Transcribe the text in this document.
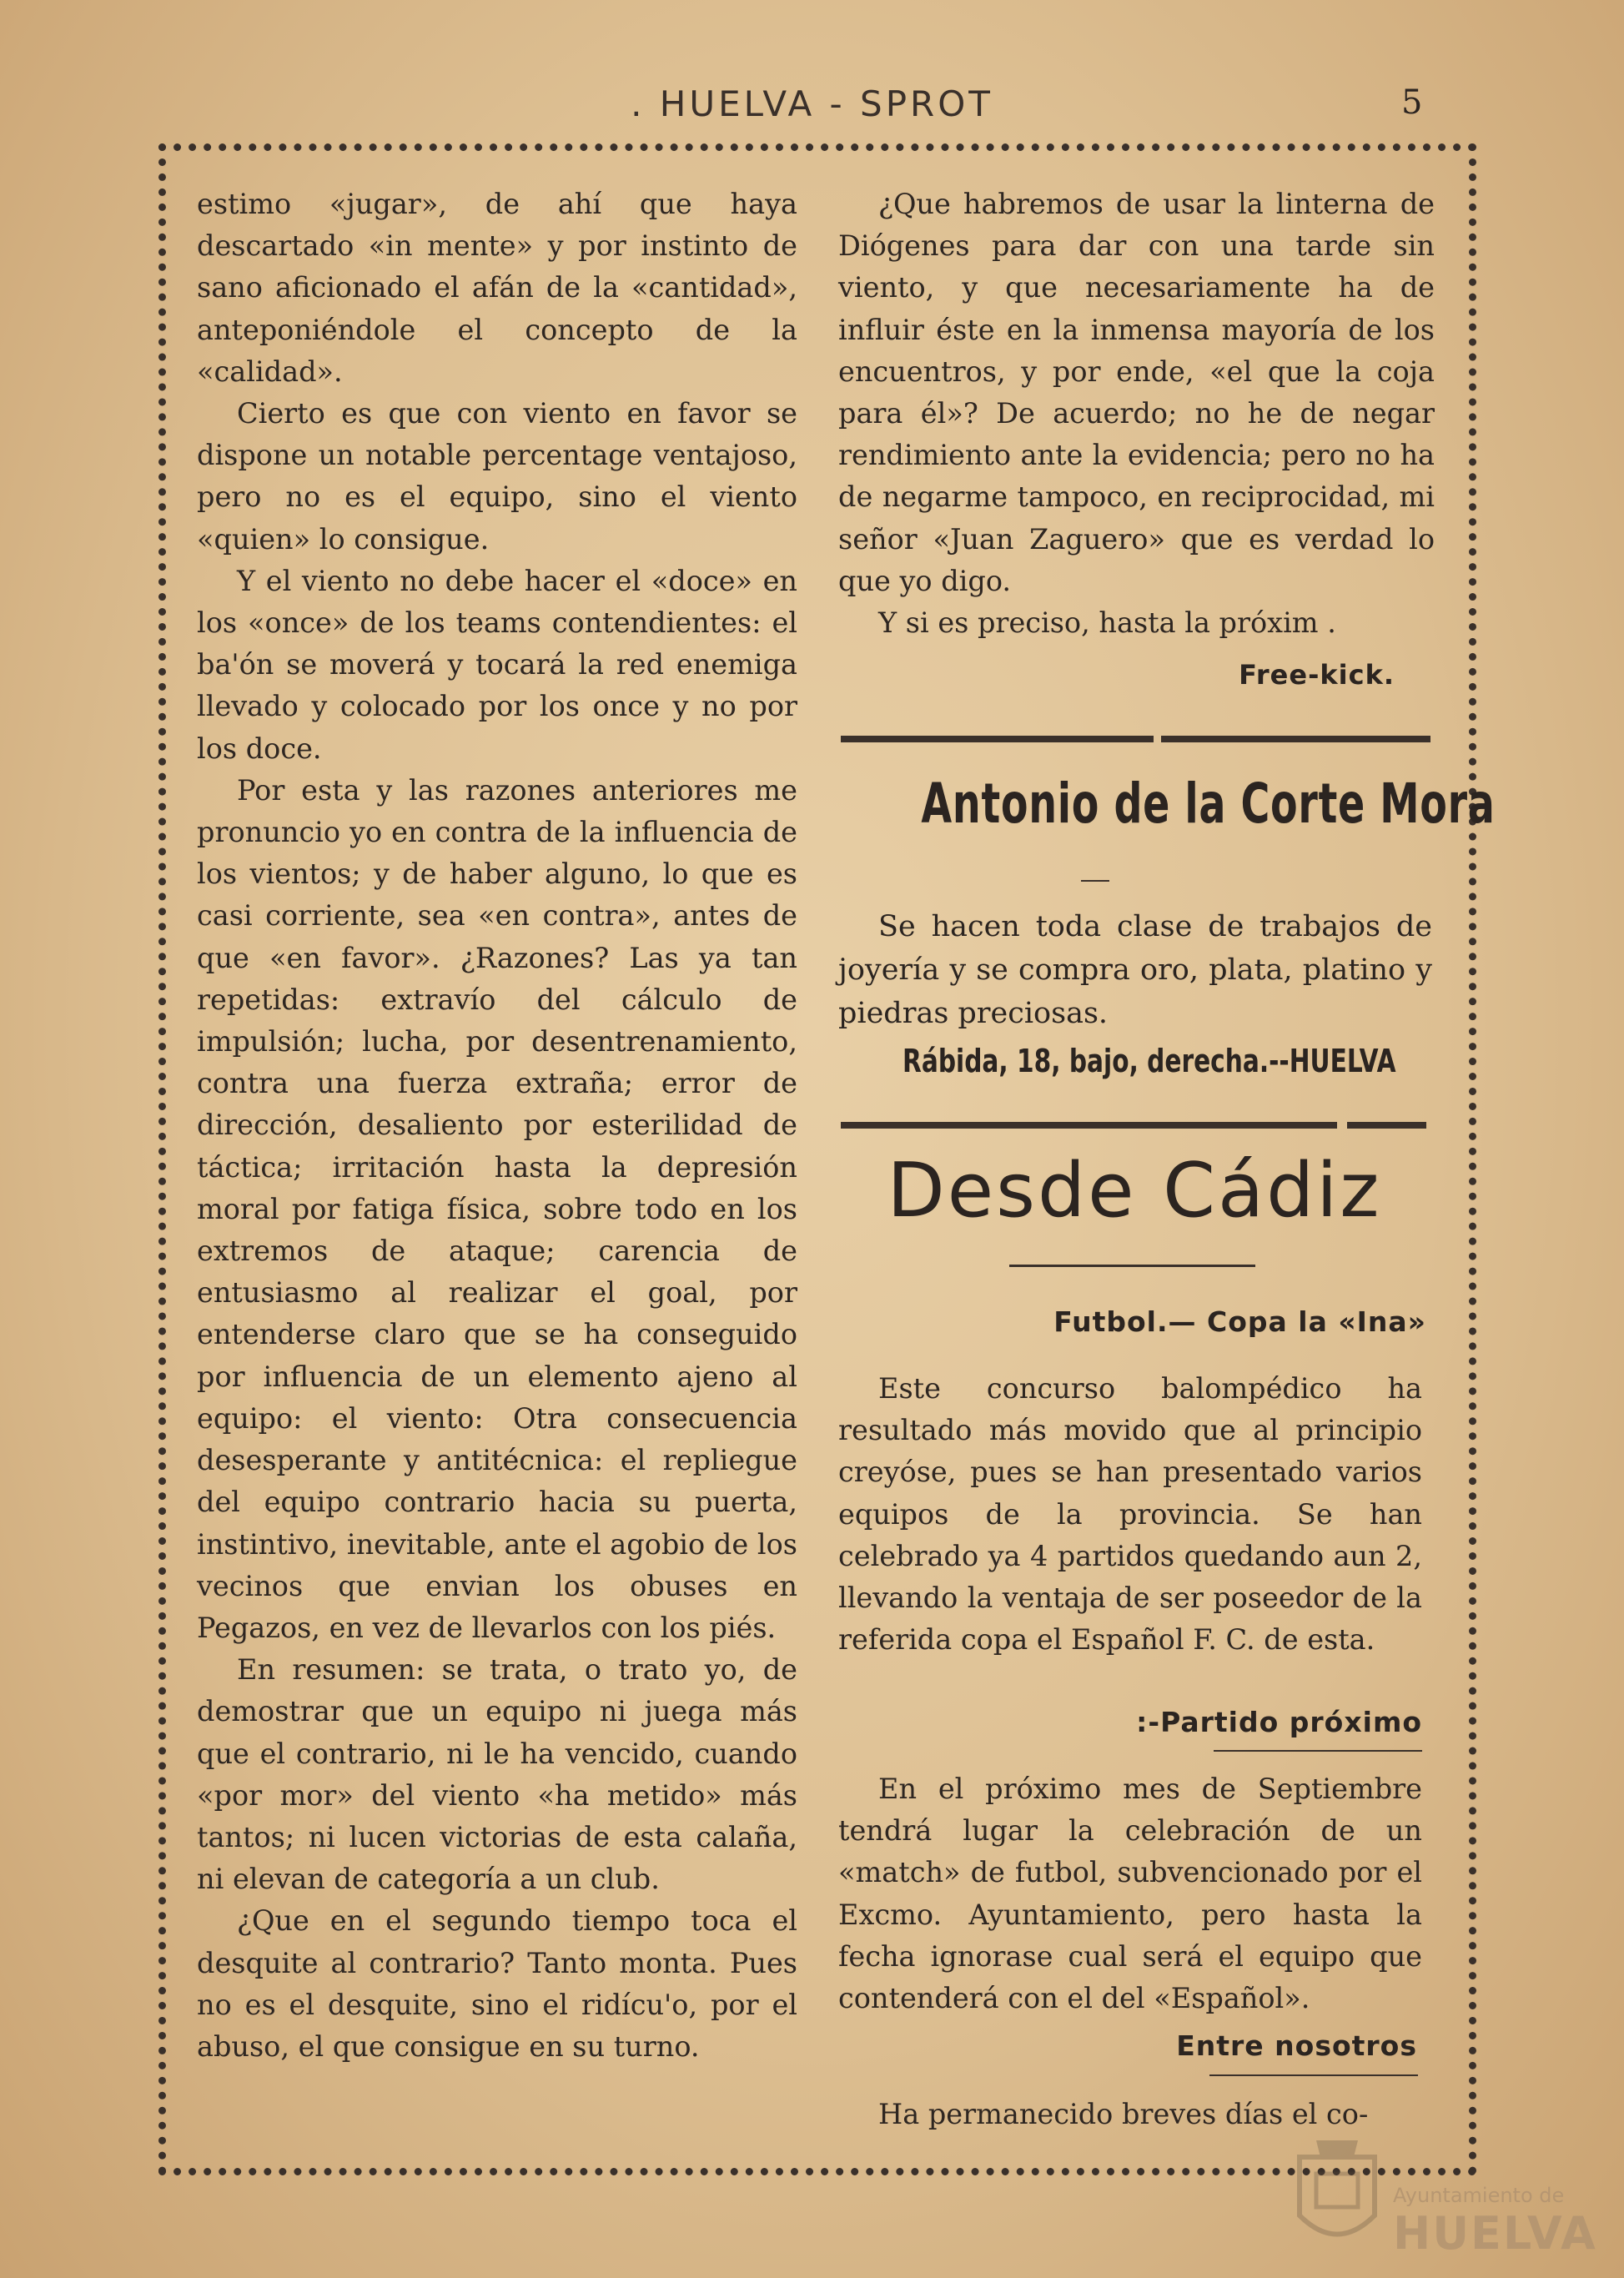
. HUELVA - SPROT	5

estimo «jugar», de ahí que haya descartado «in mente» y por instinto de sano aficionado el afán de la «cantidad», anteponiéndole el concepto de la «calidad».

Cierto es que con viento en favor se dispone un notable percentage ventajoso, pero no es el equipo, sino el viento «quien» lo consigue.

Y el viento no debe hacer el «doce» en los «once» de los teams contendientes: el ba'ón se moverá y tocará la red enemiga llevado y colocado por los once y no por los doce.

Por esta y las razones anteriores me pronuncio yo en contra de la influencia de los vientos; y de haber alguno, lo que es casi corriente, sea «en contra», antes de que «en favor». ¿Razones? Las ya tan repetidas: extravío del cálculo de impulsión; lucha, por desentrenamiento, contra una fuerza extraña; error de dirección, desaliento por esterilidad de táctica; irritación hasta la depresión moral por fatiga física, sobre todo en los extremos de ataque; carencia de entusiasmo al realizar el goal, por entenderse claro que se ha conseguido por influencia de un elemento ajeno al equipo: el viento: Otra consecuencia desesperante y antitécnica: el repliegue del equipo contrario hacia su puerta, instintivo, inevitable, ante el agobio de los vecinos que envian los obuses en Pegazos, en vez de llevarlos con los piés.

En resumen: se trata, o trato yo, de demostrar que un equipo ni juega más que el contrario, ni le ha vencido, cuando «por mor» del viento «ha metido» más tantos; ni lucen victorias de esta calaña, ni elevan de categoría a un club.

¿Que en el segundo tiempo toca el desquite al contrario? Tanto monta. Pues no es el desquite, sino el ridícu'o, por el abuso, el que consigue en su turno.

¿Que habremos de usar la linterna de Diógenes para dar con una tarde sin viento, y que necesariamente ha de influir éste en la inmensa mayoría de los encuentros, y por ende, «el que la coja para él»? De acuerdo; no he de negar rendimiento ante la evidencia; pero no ha de negarme tampoco, en reciprocidad, mi señor «Juan Zaguero» que es verdad lo que yo digo.

Y si es preciso, hasta la próxim .

Free-kick.
Antonio de la Corte Mora

Se hacen toda clase de trabajos de joyería y se compra oro, plata, platino y piedras preciosas.

Rábida, 18, bajo, derecha.--HUELVA
Desde Cádiz
Futbol.— Copa la «Ina»

Este concurso balompédico ha resultado más movido que al principio creyóse, pues se han presentado varios equipos de la provincia. Se han celebrado ya 4 partidos quedando aun 2, llevando la ventaja de ser poseedor de la referida copa el Español F. C. de esta.

:-Partido próximo

En el próximo mes de Septiembre tendrá lugar la celebración de un «match» de futbol, subvencionado por el Excmo. Ayuntamiento, pero hasta la fecha ignorase cual será el equipo que contenderá con el del «Español».

Entre nosotros

Ha permanecido breves días el co-

Ayuntamiento de
HUELVA
